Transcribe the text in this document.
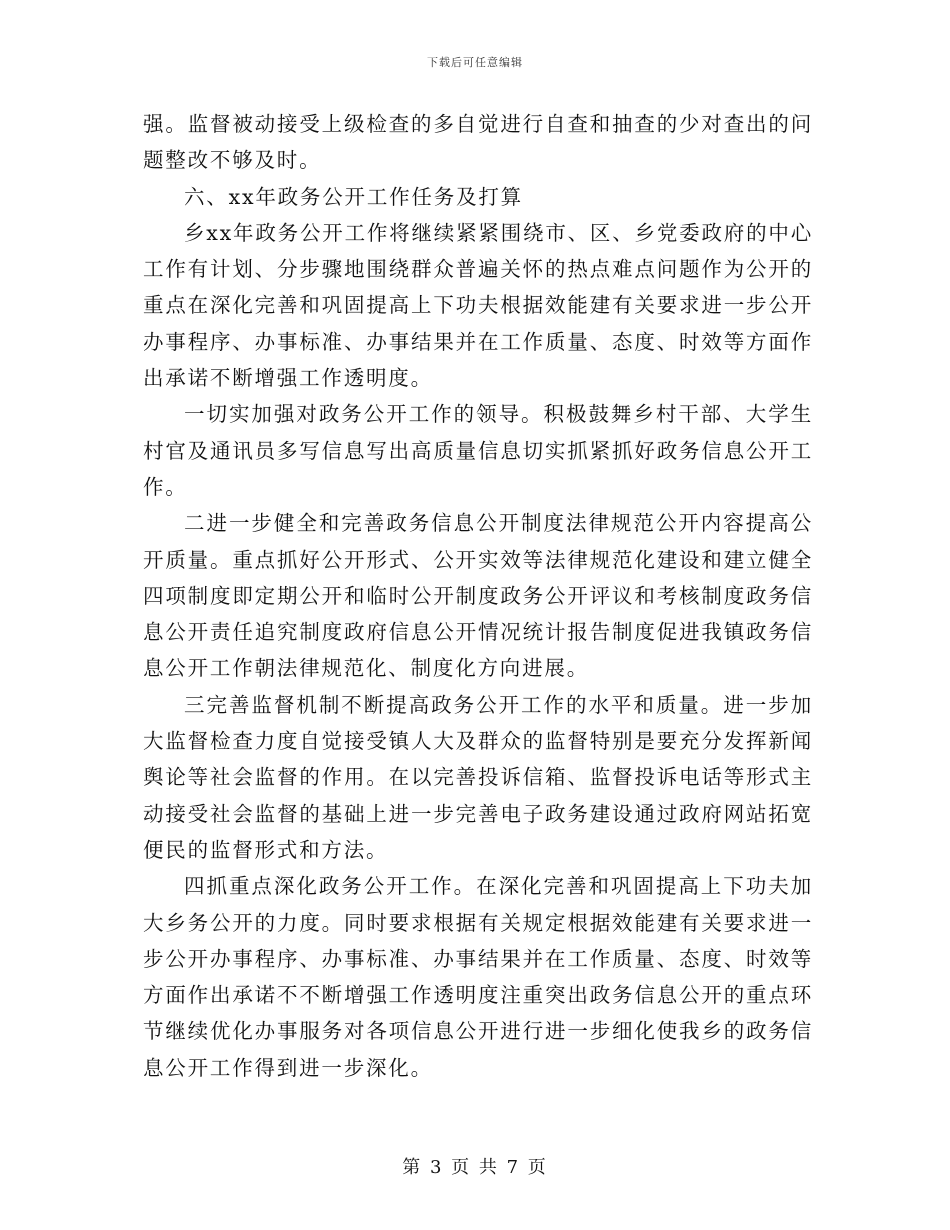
下载后可任意编辑

强。监督被动接受上级检查的多自觉进行自查和抽查的少对查出的问题整改不够及时。

六、xx年政务公开工作任务及打算

乡xx年政务公开工作将继续紧紧围绕市、区、乡党委政府的中心工作有计划、分步骤地围绕群众普遍关怀的热点难点问题作为公开的重点在深化完善和巩固提高上下功夫根据效能建有关要求进一步公开办事程序、办事标准、办事结果并在工作质量、态度、时效等方面作出承诺不断增强工作透明度。

一切实加强对政务公开工作的领导。积极鼓舞乡村干部、大学生村官及通讯员多写信息写出高质量信息切实抓紧抓好政务信息公开工作。

二进一步健全和完善政务信息公开制度法律规范公开内容提高公开质量。重点抓好公开形式、公开实效等法律规范化建设和建立健全四项制度即定期公开和临时公开制度政务公开评议和考核制度政务信息公开责任追究制度政府信息公开情况统计报告制度促进我镇政务信息公开工作朝法律规范化、制度化方向进展。

三完善监督机制不断提高政务公开工作的水平和质量。进一步加大监督检查力度自觉接受镇人大及群众的监督特别是要充分发挥新闻舆论等社会监督的作用。在以完善投诉信箱、监督投诉电话等形式主动接受社会监督的基础上进一步完善电子政务建设通过政府网站拓宽便民的监督形式和方法。

四抓重点深化政务公开工作。在深化完善和巩固提高上下功夫加大乡务公开的力度。同时要求根据有关规定根据效能建有关要求进一步公开办事程序、办事标准、办事结果并在工作质量、态度、时效等方面作出承诺不不断增强工作透明度注重突出政务信息公开的重点环节继续优化办事服务对各项信息公开进行进一步细化使我乡的政务信息公开工作得到进一步深化。

第 3 页 共 7 页
